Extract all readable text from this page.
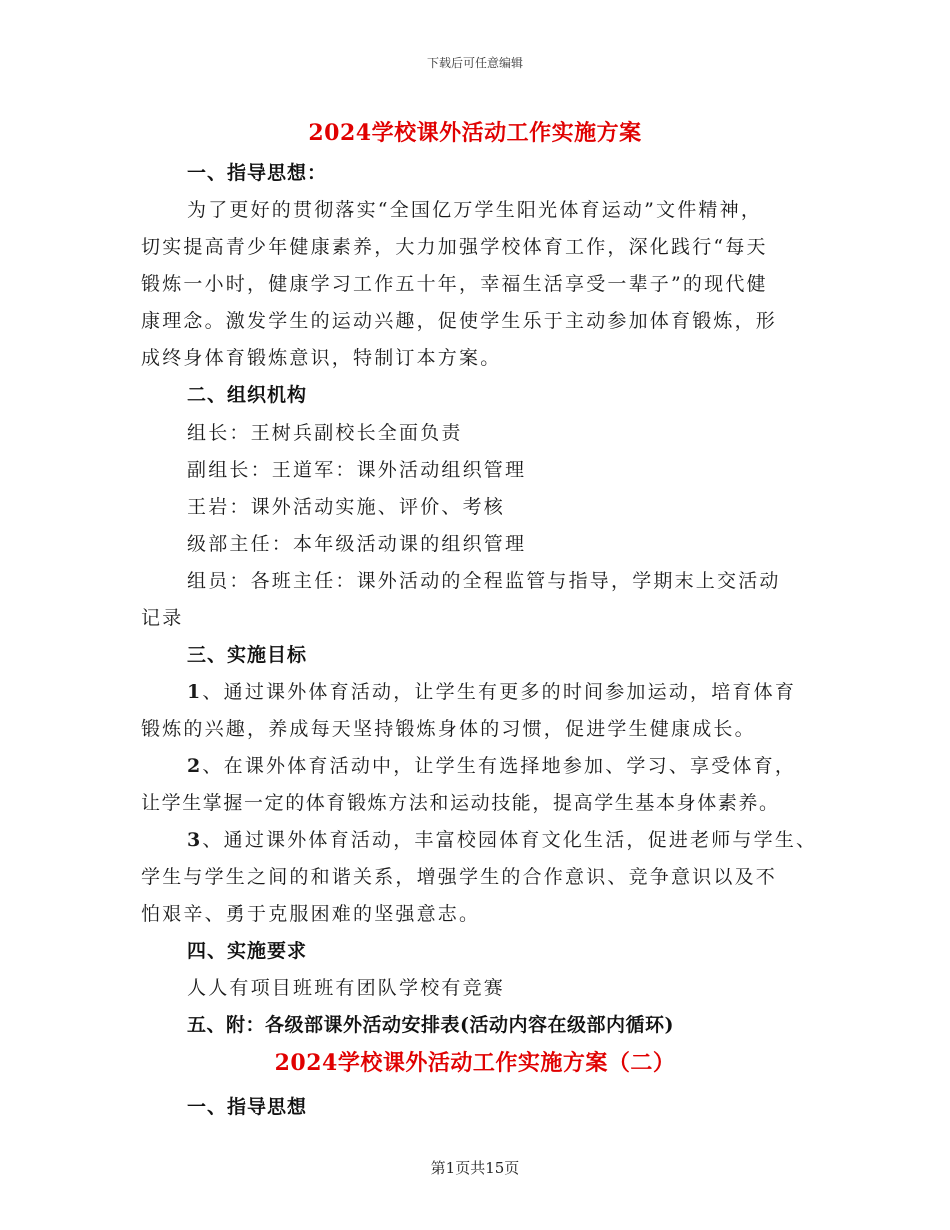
下载后可任意编辑
2024学校课外活动工作实施方案
一、指导思想：
为了更好的贯彻落实“全国亿万学生阳光体育运动”文件精神，
切实提高青少年健康素养，大力加强学校体育工作，深化践行“每天
锻炼一小时，健康学习工作五十年，幸福生活享受一辈子”的现代健
康理念。激发学生的运动兴趣，促使学生乐于主动参加体育锻炼，形
成终身体育锻炼意识，特制订本方案。
二、组织机构
组长：王树兵副校长全面负责
副组长：王道军：课外活动组织管理
王岩：课外活动实施、评价、考核
级部主任：本年级活动课的组织管理
组员：各班主任：课外活动的全程监管与指导，学期末上交活动
记录
三、实施目标
1、通过课外体育活动，让学生有更多的时间参加运动，培育体育
锻炼的兴趣，养成每天坚持锻炼身体的习惯，促进学生健康成长。
2、在课外体育活动中，让学生有选择地参加、学习、享受体育，
让学生掌握一定的体育锻炼方法和运动技能，提高学生基本身体素养。
3、通过课外体育活动，丰富校园体育文化生活，促进老师与学生、
学生与学生之间的和谐关系，增强学生的合作意识、竞争意识以及不
怕艰辛、勇于克服困难的坚强意志。
四、实施要求
人人有项目班班有团队学校有竞赛
五、附：各级部课外活动安排表(活动内容在级部内循环)
2024学校课外活动工作实施方案（二）
一、指导思想
第1页共15页
